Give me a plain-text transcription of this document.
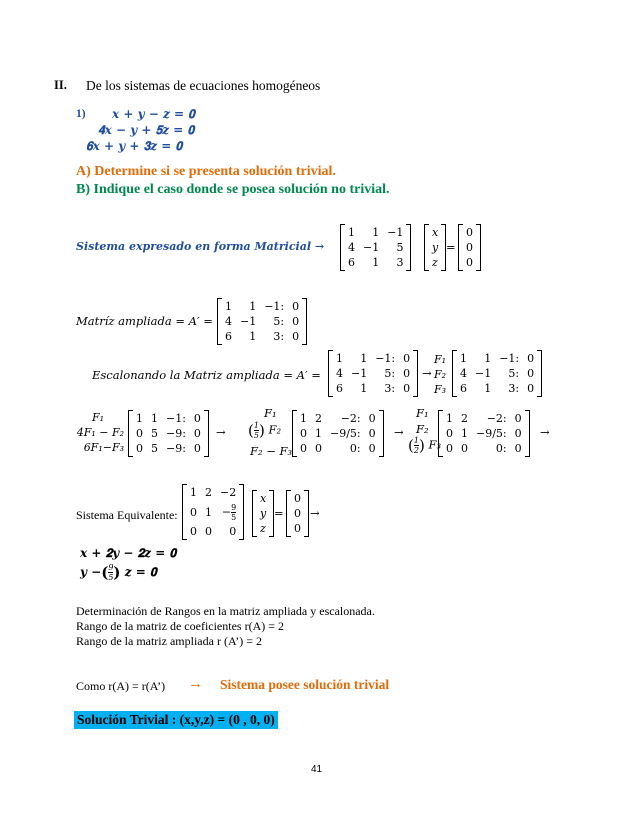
II. De los sistemas de ecuaciones homogéneos
1) 𝒙 + 𝒚 − 𝒛 = 𝟎
𝟒𝒙 − 𝒚 + 𝟓𝒛 = 𝟎
𝟔𝒙 + 𝒚 + 𝟑𝒛 = 𝟎
A) Determine si se presenta solución trivial.
B) Indique el caso donde se posea solución no trivial.
𝑺𝒊𝒔𝒕𝒆𝒎𝒂 𝒆𝒙𝒑𝒓𝒆𝒔𝒂𝒅𝒐 𝒆𝒏 𝒇𝒐𝒓𝒎𝒂 𝑴𝒂𝒕𝒓𝒊𝒄𝒊𝒂𝒍 →
1	1	−1
4	−1	5
6	1	3
𝑥
𝑦
𝑧
=
0
0
0
𝑀𝑎𝑡𝑟í𝑧 𝑎𝑚𝑝𝑙𝑖𝑎𝑑𝑎 = 𝐴′ =
1	1	−1:	0
4	−1	5:	0
6	1	3:	0
𝐸𝑠𝑐𝑎𝑙𝑜𝑛𝑎𝑛𝑑𝑜 𝑙𝑎 𝑀𝑎𝑡𝑟𝑖𝑧 𝑎𝑚𝑝𝑙𝑖𝑎𝑑𝑎 = 𝐴′ =
1	1	−1:	0
4	−1	5:	0
6	1	3:	0
→
𝐹₁
𝐹₂
𝐹₃
1	1	−1:	0
4	−1	5:	0
6	1	3:	0
𝐹₁
4𝐹₁ − 𝐹₂
6𝐹₁−𝐹₃
1	1	−1:	0
0	5	−9:	0
0	5	−9:	0
→
𝐹₁
( $\frac{1}{5}$ ) 𝐹₂
𝐹₂ − 𝐹₃
1	2	−2:	0
0	1	−9/5:	0
0	0	0:	0
→
𝐹₁
𝐹₂
( $\frac{1}{2}$ ) 𝐹₃
1	2	−2:	0
0	1	−9/5:	0
0	0	0:	0
→
Sistema Equivalente:
1	2	−2
0	1	− $\frac{9}{5}$

0	0	0
𝑥
𝑦
𝑧
=
0
0
0
→
𝒙 + 𝟐𝒚 − 𝟐𝒛 = 𝟎
𝒚 −( $\frac{9}{5}$ ) 𝒛 = 𝟎
Determinación de Rangos en la matriz ampliada y escalonada.
Rango de la matriz de coeficientes r(A) = 2
Rango de la matriz ampliada r (A’) = 2
Como r(A) = r(A’) → Sistema posee solución trivial
Solución Trivial : (x,y,z) = (0 , 0, 0)
41
